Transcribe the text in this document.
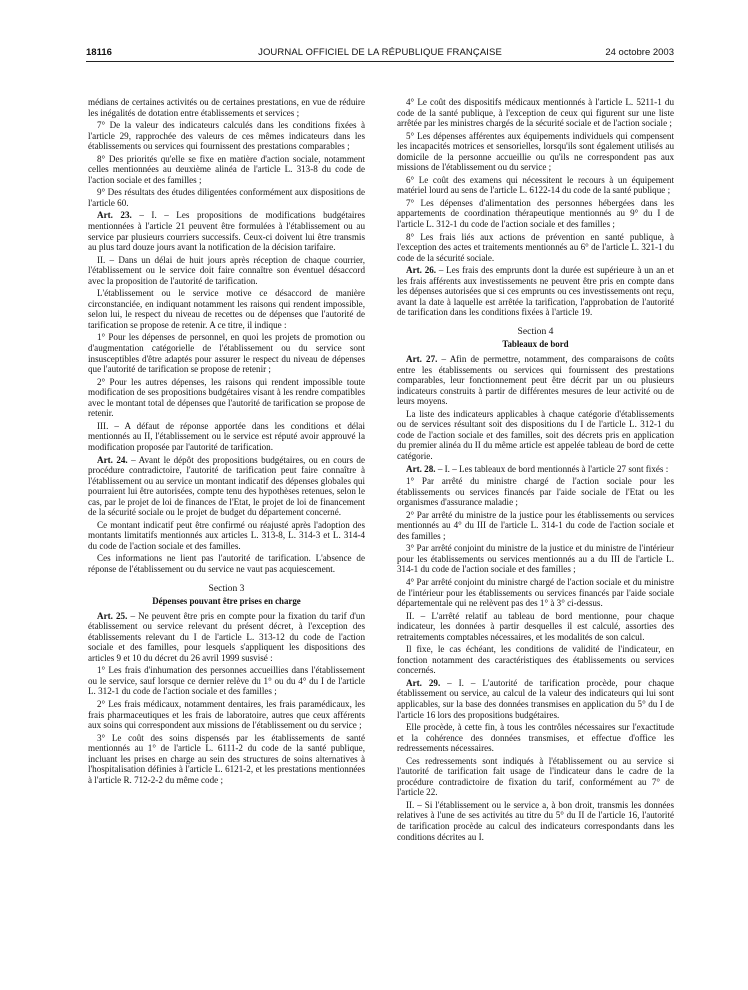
18116	JOURNAL OFFICIEL DE LA RÉPUBLIQUE FRANÇAISE	24 octobre 2003

médians de certaines activités ou de certaines prestations, en vue de réduire les inégalités de dotation entre établissements et services ;

7° De la valeur des indicateurs calculés dans les conditions fixées à l'article 29, rapprochée des valeurs de ces mêmes indicateurs dans les établissements ou services qui fournissent des prestations comparables ;

8° Des priorités qu'elle se fixe en matière d'action sociale, notamment celles mentionnées au deuxième alinéa de l'article L. 313-8 du code de l'action sociale et des familles ;

9° Des résultats des études diligentées conformément aux dispositions de l'article 60.

Art. 23. – I. – Les propositions de modifications budgétaires mentionnées à l'article 21 peuvent être formulées à l'établissement ou au service par plusieurs courriers successifs. Ceux-ci doivent lui être transmis au plus tard douze jours avant la notification de la décision tarifaire.

II. – Dans un délai de huit jours après réception de chaque courrier, l'établissement ou le service doit faire connaître son éventuel désaccord avec la proposition de l'autorité de tarification.

L'établissement ou le service motive ce désaccord de manière circonstanciée, en indiquant notamment les raisons qui rendent impossible, selon lui, le respect du niveau de recettes ou de dépenses que l'autorité de tarification se propose de retenir. A ce titre, il indique :

1° Pour les dépenses de personnel, en quoi les projets de promotion ou d'augmentation catégorielle de l'établissement ou du service sont insusceptibles d'être adaptés pour assurer le respect du niveau de dépenses que l'autorité de tarification se propose de retenir ;

2° Pour les autres dépenses, les raisons qui rendent impossible toute modification de ses propositions budgétaires visant à les rendre compatibles avec le montant total de dépenses que l'autorité de tarification se propose de retenir.

III. – A défaut de réponse apportée dans les conditions et délai mentionnés au II, l'établissement ou le service est réputé avoir approuvé la modification proposée par l'autorité de tarification.

Art. 24. – Avant le dépôt des propositions budgétaires, ou en cours de procédure contradictoire, l'autorité de tarification peut faire connaître à l'établissement ou au service un montant indicatif des dépenses globales qui pourraient lui être autorisées, compte tenu des hypothèses retenues, selon le cas, par le projet de loi de finances de l'Etat, le projet de loi de financement de la sécurité sociale ou le projet de budget du département concerné.

Ce montant indicatif peut être confirmé ou réajusté après l'adoption des montants limitatifs mentionnés aux articles L. 313-8, L. 314-3 et L. 314-4 du code de l'action sociale et des familles.

Ces informations ne lient pas l'autorité de tarification. L'absence de réponse de l'établissement ou du service ne vaut pas acquiescement.

Section 3

Dépenses pouvant être prises en charge

Art. 25. – Ne peuvent être pris en compte pour la fixation du tarif d'un établissement ou service relevant du présent décret, à l'exception des établissements relevant du I de l'article L. 313-12 du code de l'action sociale et des familles, pour lesquels s'appliquent les dispositions des articles 9 et 10 du décret du 26 avril 1999 susvisé :

1° Les frais d'inhumation des personnes accueillies dans l'établissement ou le service, sauf lorsque ce dernier relève du 1° ou du 4° du I de l'article L. 312-1 du code de l'action sociale et des familles ;

2° Les frais médicaux, notamment dentaires, les frais paramédicaux, les frais pharmaceutiques et les frais de laboratoire, autres que ceux afférents aux soins qui correspondent aux missions de l'établissement ou du service ;

3° Le coût des soins dispensés par les établissements de santé mentionnés au 1° de l'article L. 6111-2 du code de la santé publique, incluant les prises en charge au sein des structures de soins alternatives à l'hospitalisation définies à l'article L. 6121-2, et les prestations mentionnées à l'article R. 712-2-2 du même code ;

4° Le coût des dispositifs médicaux mentionnés à l'article L. 5211-1 du code de la santé publique, à l'exception de ceux qui figurent sur une liste arrêtée par les ministres chargés de la sécurité sociale et de l'action sociale ;

5° Les dépenses afférentes aux équipements individuels qui compensent les incapacités motrices et sensorielles, lorsqu'ils sont également utilisés au domicile de la personne accueillie ou qu'ils ne correspondent pas aux missions de l'établissement ou du service ;

6° Le coût des examens qui nécessitent le recours à un équipement matériel lourd au sens de l'article L. 6122-14 du code de la santé publique ;

7° Les dépenses d'alimentation des personnes hébergées dans les appartements de coordination thérapeutique mentionnés au 9° du I de l'article L. 312-1 du code de l'action sociale et des familles ;

8° Les frais liés aux actions de prévention en santé publique, à l'exception des actes et traitements mentionnés au 6° de l'article L. 321-1 du code de la sécurité sociale.

Art. 26. – Les frais des emprunts dont la durée est supérieure à un an et les frais afférents aux investissements ne peuvent être pris en compte dans les dépenses autorisées que si ces emprunts ou ces investissements ont reçu, avant la date à laquelle est arrêtée la tarification, l'approbation de l'autorité de tarification dans les conditions fixées à l'article 19.

Section 4

Tableaux de bord

Art. 27. – Afin de permettre, notamment, des comparaisons de coûts entre les établissements ou services qui fournissent des prestations comparables, leur fonctionnement peut être décrit par un ou plusieurs indicateurs construits à partir de différentes mesures de leur activité ou de leurs moyens.

La liste des indicateurs applicables à chaque catégorie d'établissements ou de services résultant soit des dispositions du I de l'article L. 312-1 du code de l'action sociale et des familles, soit des décrets pris en application du premier alinéa du II du même article est appelée tableau de bord de cette catégorie.

Art. 28. – I. – Les tableaux de bord mentionnés à l'article 27 sont fixés :

1° Par arrêté du ministre chargé de l'action sociale pour les établissements ou services financés par l'aide sociale de l'Etat ou les organismes d'assurance maladie ;

2° Par arrêté du ministre de la justice pour les établissements ou services mentionnés au 4° du III de l'article L. 314-1 du code de l'action sociale et des familles ;

3° Par arrêté conjoint du ministre de la justice et du ministre de l'intérieur pour les établissements ou services mentionnés au a du III de l'article L. 314-1 du code de l'action sociale et des familles ;

4° Par arrêté conjoint du ministre chargé de l'action sociale et du ministre de l'intérieur pour les établissements ou services financés par l'aide sociale départementale qui ne relèvent pas des 1° à 3° ci-dessus.

II. – L'arrêté relatif au tableau de bord mentionne, pour chaque indicateur, les données à partir desquelles il est calculé, assorties des retraitements comptables nécessaires, et les modalités de son calcul.

Il fixe, le cas échéant, les conditions de validité de l'indicateur, en fonction notamment des caractéristiques des établissements ou services concernés.

Art. 29. – I. – L'autorité de tarification procède, pour chaque établissement ou service, au calcul de la valeur des indicateurs qui lui sont applicables, sur la base des données transmises en application du 5° du I de l'article 16 lors des propositions budgétaires.

Elle procède, à cette fin, à tous les contrôles nécessaires sur l'exactitude et la cohérence des données transmises, et effectue d'office les redressements nécessaires.

Ces redressements sont indiqués à l'établissement ou au service si l'autorité de tarification fait usage de l'indicateur dans le cadre de la procédure contradictoire de fixation du tarif, conformément au 7° de l'article 22.

II. – Si l'établissement ou le service a, à bon droit, transmis les données relatives à l'une de ses activités au titre du 5° du II de l'article 16, l'autorité de tarification procède au calcul des indicateurs correspondants dans les conditions décrites au I.
